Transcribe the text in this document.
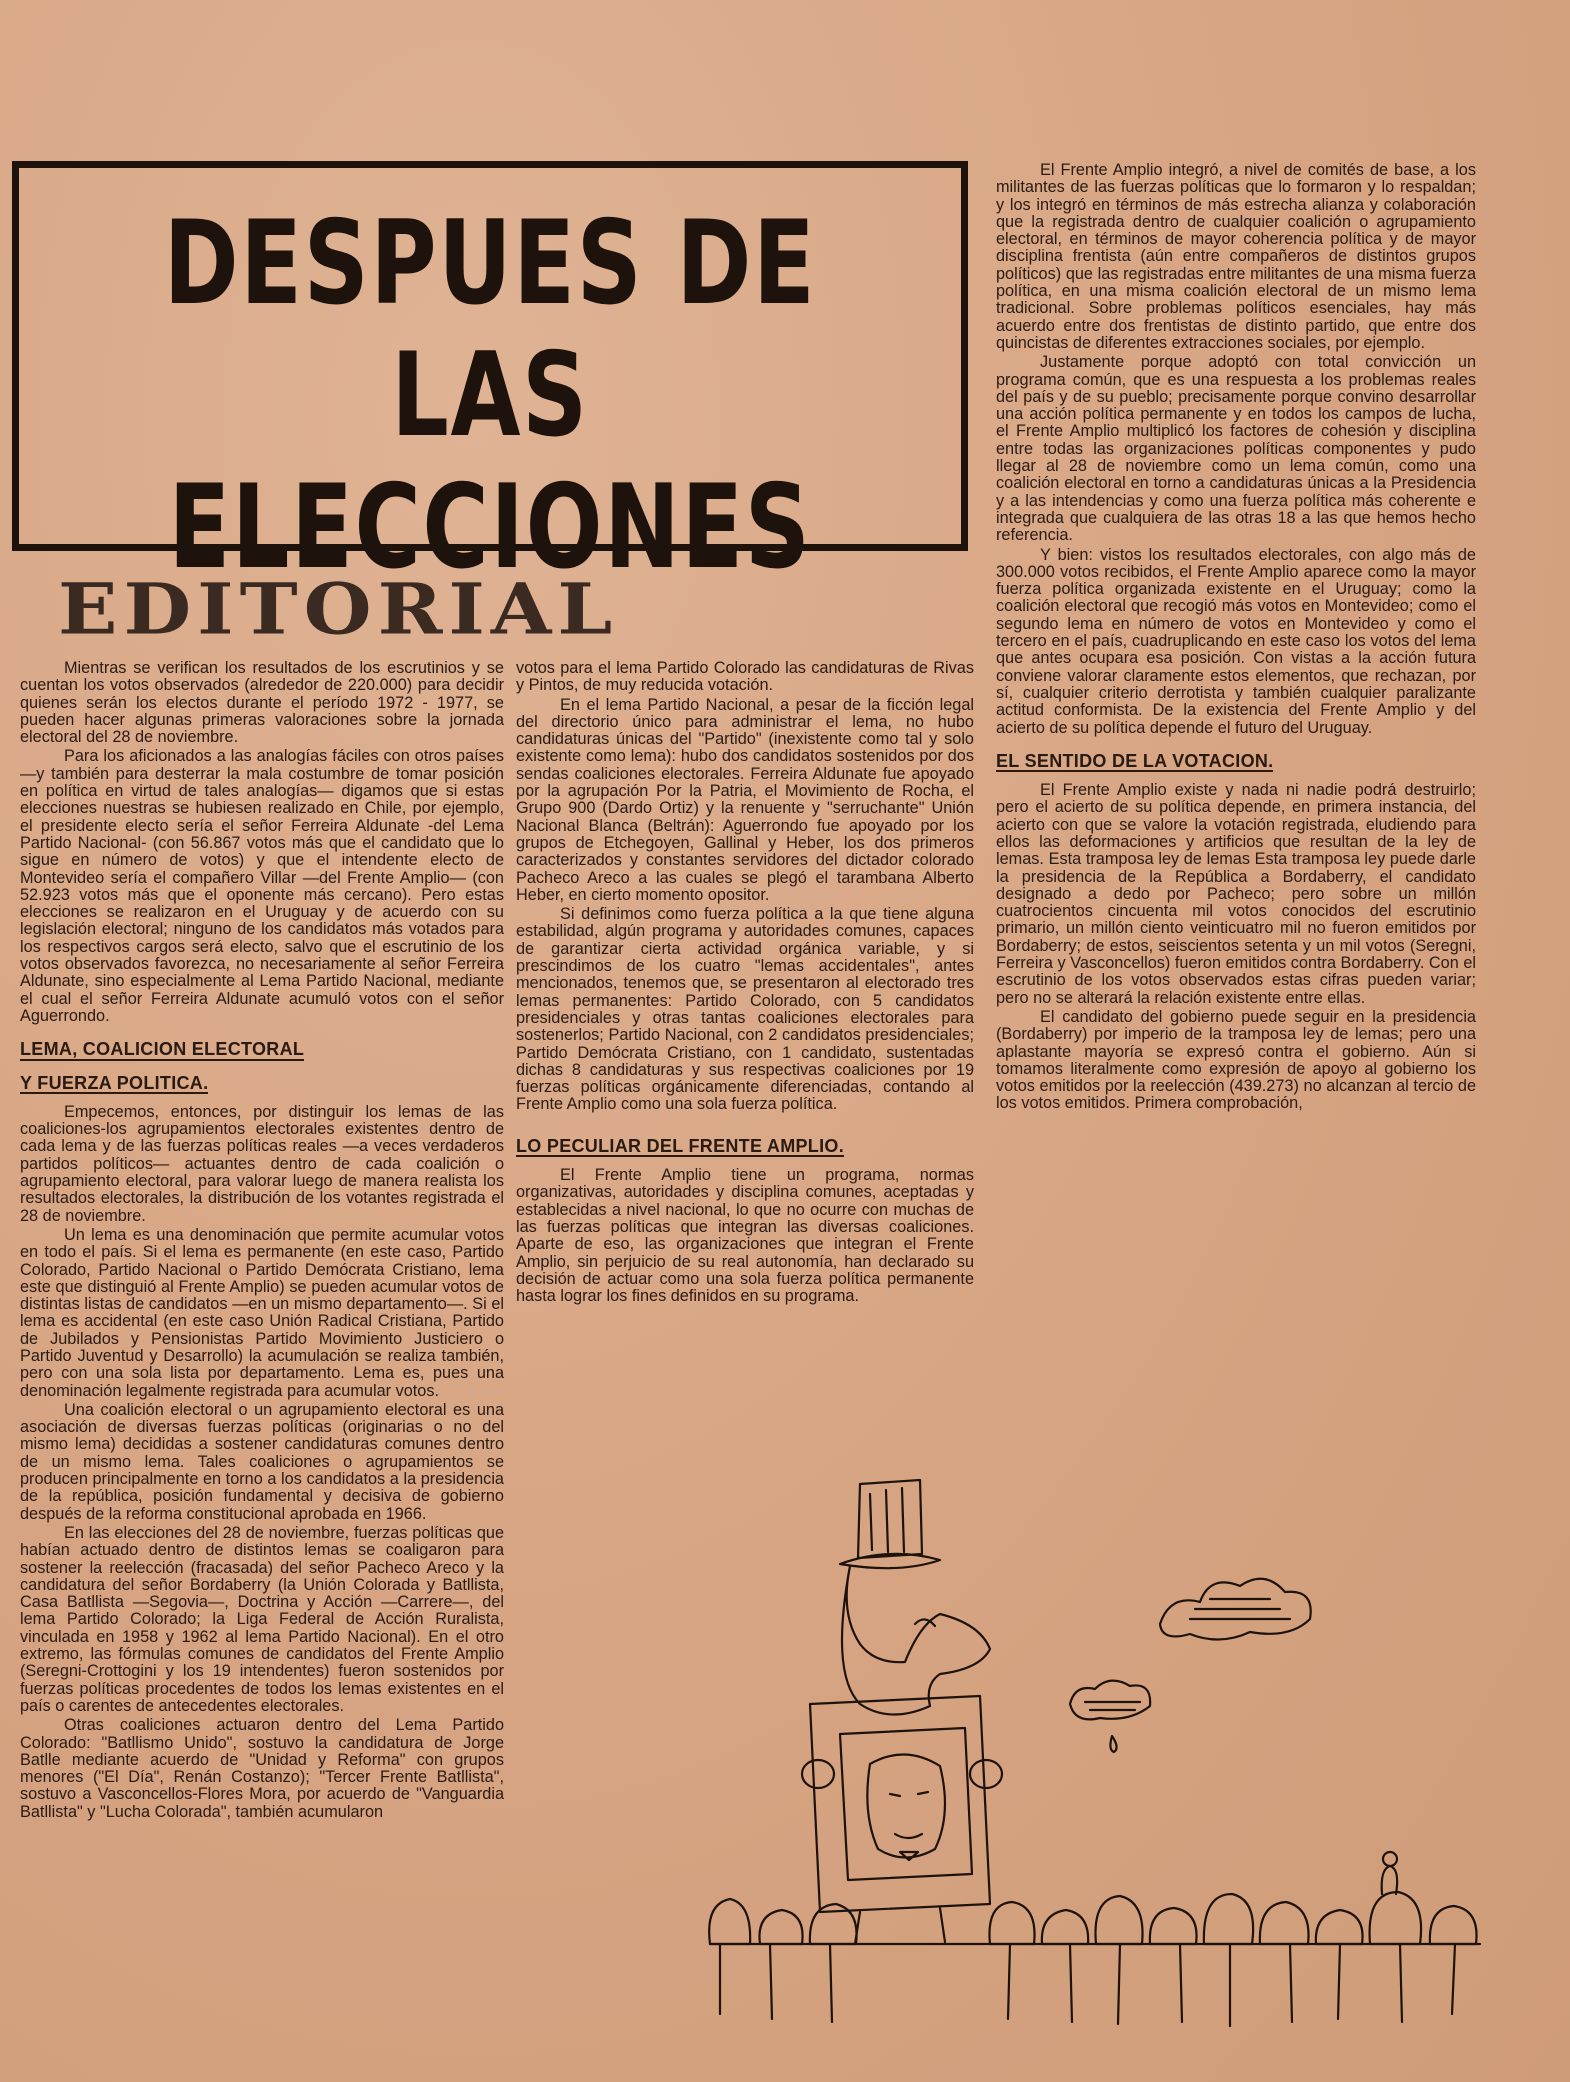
DESPUES DE
LAS ELECCIONES
EDITORIAL

Mientras se verifican los resultados de los escrutinios y se cuentan los votos observados (alrededor de 220.000) para decidir quienes serán los electos durante el período 1972 - 1977, se pueden hacer algunas primeras valoraciones sobre la jornada electoral del 28 de noviembre.

Para los aficionados a las analogías fáciles con otros países —y también para desterrar la mala costumbre de tomar posición en política en virtud de tales analogías— digamos que si estas elecciones nuestras se hubiesen realizado en Chile, por ejemplo, el presidente electo sería el señor Ferreira Aldunate -del Lema Partido Nacional- (con 56.867 votos más que el candidato que lo sigue en número de votos) y que el intendente electo de Montevideo sería el compañero Villar —del Frente Amplio— (con 52.923 votos más que el oponente más cercano). Pero estas elecciones se realizaron en el Uruguay y de acuerdo con su legislación electoral; ninguno de los candidatos más votados para los respectivos cargos será electo, salvo que el escrutinio de los votos observados favorezca, no necesariamente al señor Ferreira Aldunate, sino especialmente al Lema Partido Nacional, mediante el cual el señor Ferreira Aldunate acumuló votos con el señor Aguerrondo.

LEMA, COALICION ELECTORAL
Y FUERZA POLITICA.

Empecemos, entonces, por distinguir los lemas de las coaliciones-los agrupamientos electorales existentes dentro de cada lema y de las fuerzas políticas reales —a veces verdaderos partidos políticos— actuantes dentro de cada coalición o agrupamiento electoral, para valorar luego de manera realista los resultados electorales, la distribución de los votantes registrada el 28 de noviembre.

Un lema es una denominación que permite acumular votos en todo el país. Si el lema es permanente (en este caso, Partido Colorado, Partido Nacional o Partido Demócrata Cristiano, lema este que distinguió al Frente Amplio) se pueden acumular votos de distintas listas de candidatos —en un mismo departamento—. Si el lema es accidental (en este caso Unión Radical Cristiana, Partido de Jubilados y Pensionistas Partido Movimiento Justiciero o Partido Juventud y Desarrollo) la acumulación se realiza también, pero con una sola lista por departamento. Lema es, pues una denominación legalmente registrada para acumular votos.

Una coalición electoral o un agrupamiento electoral es una asociación de diversas fuerzas políticas (originarias o no del mismo lema) decididas a sostener candidaturas comunes dentro de un mismo lema. Tales coaliciones o agrupamientos se producen principalmente en torno a los candidatos a la presidencia de la república, posición fundamental y decisiva de gobierno después de la reforma constitucional aprobada en 1966.

En las elecciones del 28 de noviembre, fuerzas políticas que habían actuado dentro de distintos lemas se coaligaron para sostener la reelección (fracasada) del señor Pacheco Areco y la candidatura del señor Bordaberry (la Unión Colorada y Batllista, Casa Batllista —Segovia—, Doctrina y Acción —Carrere—, del lema Partido Colorado; la Liga Federal de Acción Ruralista, vinculada en 1958 y 1962 al lema Partido Nacional). En el otro extremo, las fórmulas comunes de candidatos del Frente Amplio (Seregni-Crottogini y los 19 intendentes) fueron sostenidos por fuerzas políticas procedentes de todos los lemas existentes en el país o carentes de antecedentes electorales.

Otras coaliciones actuaron dentro del Lema Partido Colorado: "Batllismo Unido", sostuvo la candidatura de Jorge Batlle mediante acuerdo de "Unidad y Reforma" con grupos menores ("El Día", Renán Costanzo); "Tercer Frente Batllista", sostuvo a Vasconcellos-Flores Mora, por acuerdo de "Vanguardia Batllista" y "Lucha Colorada", también acumularon

votos para el lema Partido Colorado las candidaturas de Rivas y Pintos, de muy reducida votación.

En el lema Partido Nacional, a pesar de la ficción legal del directorio único para administrar el lema, no hubo candidaturas únicas del "Partido" (inexistente como tal y solo existente como lema): hubo dos candidatos sostenidos por dos sendas coaliciones electorales. Ferreira Aldunate fue apoyado por la agrupación Por la Patria, el Movimiento de Rocha, el Grupo 900 (Dardo Ortiz) y la renuente y "serruchante" Unión Nacional Blanca (Beltrán): Aguerrondo fue apoyado por los grupos de Etchegoyen, Gallinal y Heber, los dos primeros caracterizados y constantes servidores del dictador colorado Pacheco Areco a las cuales se plegó el tarambana Alberto Heber, en cierto momento opositor.

Si definimos como fuerza política a la que tiene alguna estabilidad, algún programa y autoridades comunes, capaces de garantizar cierta actividad orgánica variable, y si prescindimos de los cuatro "lemas accidentales", antes mencionados, tenemos que, se presentaron al electorado tres lemas permanentes: Partido Colorado, con 5 candidatos presidenciales y otras tantas coaliciones electorales para sostenerlos; Partido Nacional, con 2 candidatos presidenciales; Partido Demócrata Cristiano, con 1 candidato, sustentadas dichas 8 candidaturas y sus respectivas coaliciones por 19 fuerzas políticas orgánicamente diferenciadas, contando al Frente Amplio como una sola fuerza política.

LO PECULIAR DEL FRENTE AMPLIO.

El Frente Amplio tiene un programa, normas organizativas, autoridades y disciplina comunes, aceptadas y establecidas a nivel nacional, lo que no ocurre con muchas de las fuerzas políticas que integran las diversas coaliciones. Aparte de eso, las organizaciones que integran el Frente Amplio, sin perjuicio de su real autonomía, han declarado su decisión de actuar como una sola fuerza política permanente hasta lograr los fines definidos en su programa.

El Frente Amplio integró, a nivel de comités de base, a los militantes de las fuerzas políticas que lo formaron y lo respaldan; y los integró en términos de más estrecha alianza y colaboración que la registrada dentro de cualquier coalición o agrupamiento electoral, en términos de mayor coherencia política y de mayor disciplina frentista (aún entre compañeros de distintos grupos políticos) que las registradas entre militantes de una misma fuerza política, en una misma coalición electoral de un mismo lema tradicional. Sobre problemas políticos esenciales, hay más acuerdo entre dos frentistas de distinto partido, que entre dos quincistas de diferentes extracciones sociales, por ejemplo.

Justamente porque adoptó con total convicción un programa común, que es una respuesta a los problemas reales del país y de su pueblo; precisamente porque convino desarrollar una acción política permanente y en todos los campos de lucha, el Frente Amplio multiplicó los factores de cohesión y disciplina entre todas las organizaciones políticas componentes y pudo llegar al 28 de noviembre como un lema común, como una coalición electoral en torno a candidaturas únicas a la Presidencia y a las intendencias y como una fuerza política más coherente e integrada que cualquiera de las otras 18 a las que hemos hecho referencia.

Y bien: vistos los resultados electorales, con algo más de 300.000 votos recibidos, el Frente Amplio aparece como la mayor fuerza política organizada existente en el Uruguay; como la coalición electoral que recogió más votos en Montevideo; como el segundo lema en número de votos en Montevideo y como el tercero en el país, cuadruplicando en este caso los votos del lema que antes ocupara esa posición. Con vistas a la acción futura conviene valorar claramente estos elementos, que rechazan, por sí, cualquier criterio derrotista y también cualquier paralizante actitud conformista. De la existencia del Frente Amplio y del acierto de su política depende el futuro del Uruguay.

EL SENTIDO DE LA VOTACION.

El Frente Amplio existe y nada ni nadie podrá destruirlo; pero el acierto de su política depende, en primera instancia, del acierto con que se valore la votación registrada, eludiendo para ellos las deformaciones y artificios que resultan de la ley de lemas. Esta tramposa ley de lemas Esta tramposa ley puede darle la presidencia de la República a Bordaberry, el candidato designado a dedo por Pacheco; pero sobre un millón cuatrocientos cincuenta mil votos conocidos del escrutinio primario, un millón ciento veinticuatro mil no fueron emitidos por Bordaberry; de estos, seiscientos setenta y un mil votos (Seregni, Ferreira y Vasconcellos) fueron emitidos contra Bordaberry. Con el escrutinio de los votos observados estas cifras pueden variar; pero no se alterará la relación existente entre ellas.

El candidato del gobierno puede seguir en la presidencia (Bordaberry) por imperio de la tramposa ley de lemas; pero una aplastante mayoría se expresó contra el gobierno. Aún si tomamos literalmente como expresión de apoyo al gobierno los votos emitidos por la reelección (439.273) no alcanzan al tercio de los votos emitidos. Primera comprobación,
